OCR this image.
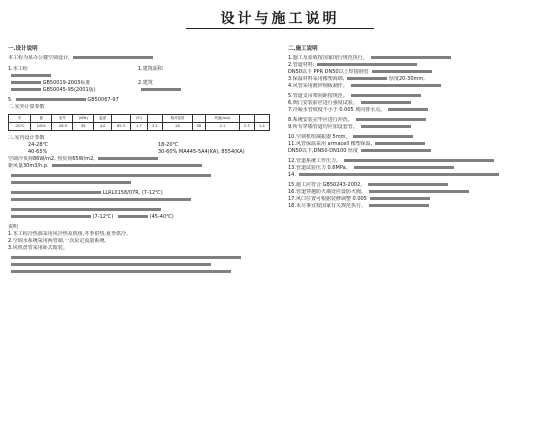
设计与施工说明
一.设计说明
本工程为某办公楼空调设计,
1.本工程	1.建筑面积
GB50019-2003标准	2.建筑
GB50045-95(2001版)
5.	GB50067-97
二.室外计算参数
冬	夏	室外	(kPa)	温度		(℃)		相对湿度		风速(m/s)		
-20℃	1004	-26.9	95	4.0	85.3	1.7	2.1	28	58	2.1	2.3	1.4
三.室内设计参数
24-28℃	18-20℃
40-65%	30-60% MA445-5A4(KA), 8554(KA)
空调冷负荷86W/m2, 热负荷65W/m2,
新风量30m3/h.p.
LLRL0158/07R, (7-12℃)
(7-12℃)	(45-40℃)
说明
1.本工程冷热源采用风冷热泵机组,冬季供热,夏季供冷。
2.空调水系统采用两管制,一次泵定流量系统。
3.风机盘管采用卧式暗装。
二.施工说明
1.施工及验收按国家现行规范执行。
2.管道材料:
DN50以下 PPR DN50以上焊接钢管
3.保温材料采用橡塑海绵,	厚度20-30mm,
4.风管采用镀锌钢板制作。
5.管道支吊架间距按规范。
6.阀门安装前应进行强度试验。
7.冷凝水管坡度不小于 0.005 坡向排水点。
8.系统安装完毕应进行冲洗。
9.所有穿墙管道均应加设套管。
10.空调机组减振器 5mm。
11.风管保温采用 armacell 橡塑保温,
DN50以下,DN50-DN100 厚度
12.管道系统工作压力。
13.管道试验压力 0.6MPa。
14.
15.施工应符合 GB50243-2002。
16.管道穿越防火墙处应设防火阀。
17.风口位置可根据装修调整 0.005
18.未尽事宜按国家有关规范执行。
